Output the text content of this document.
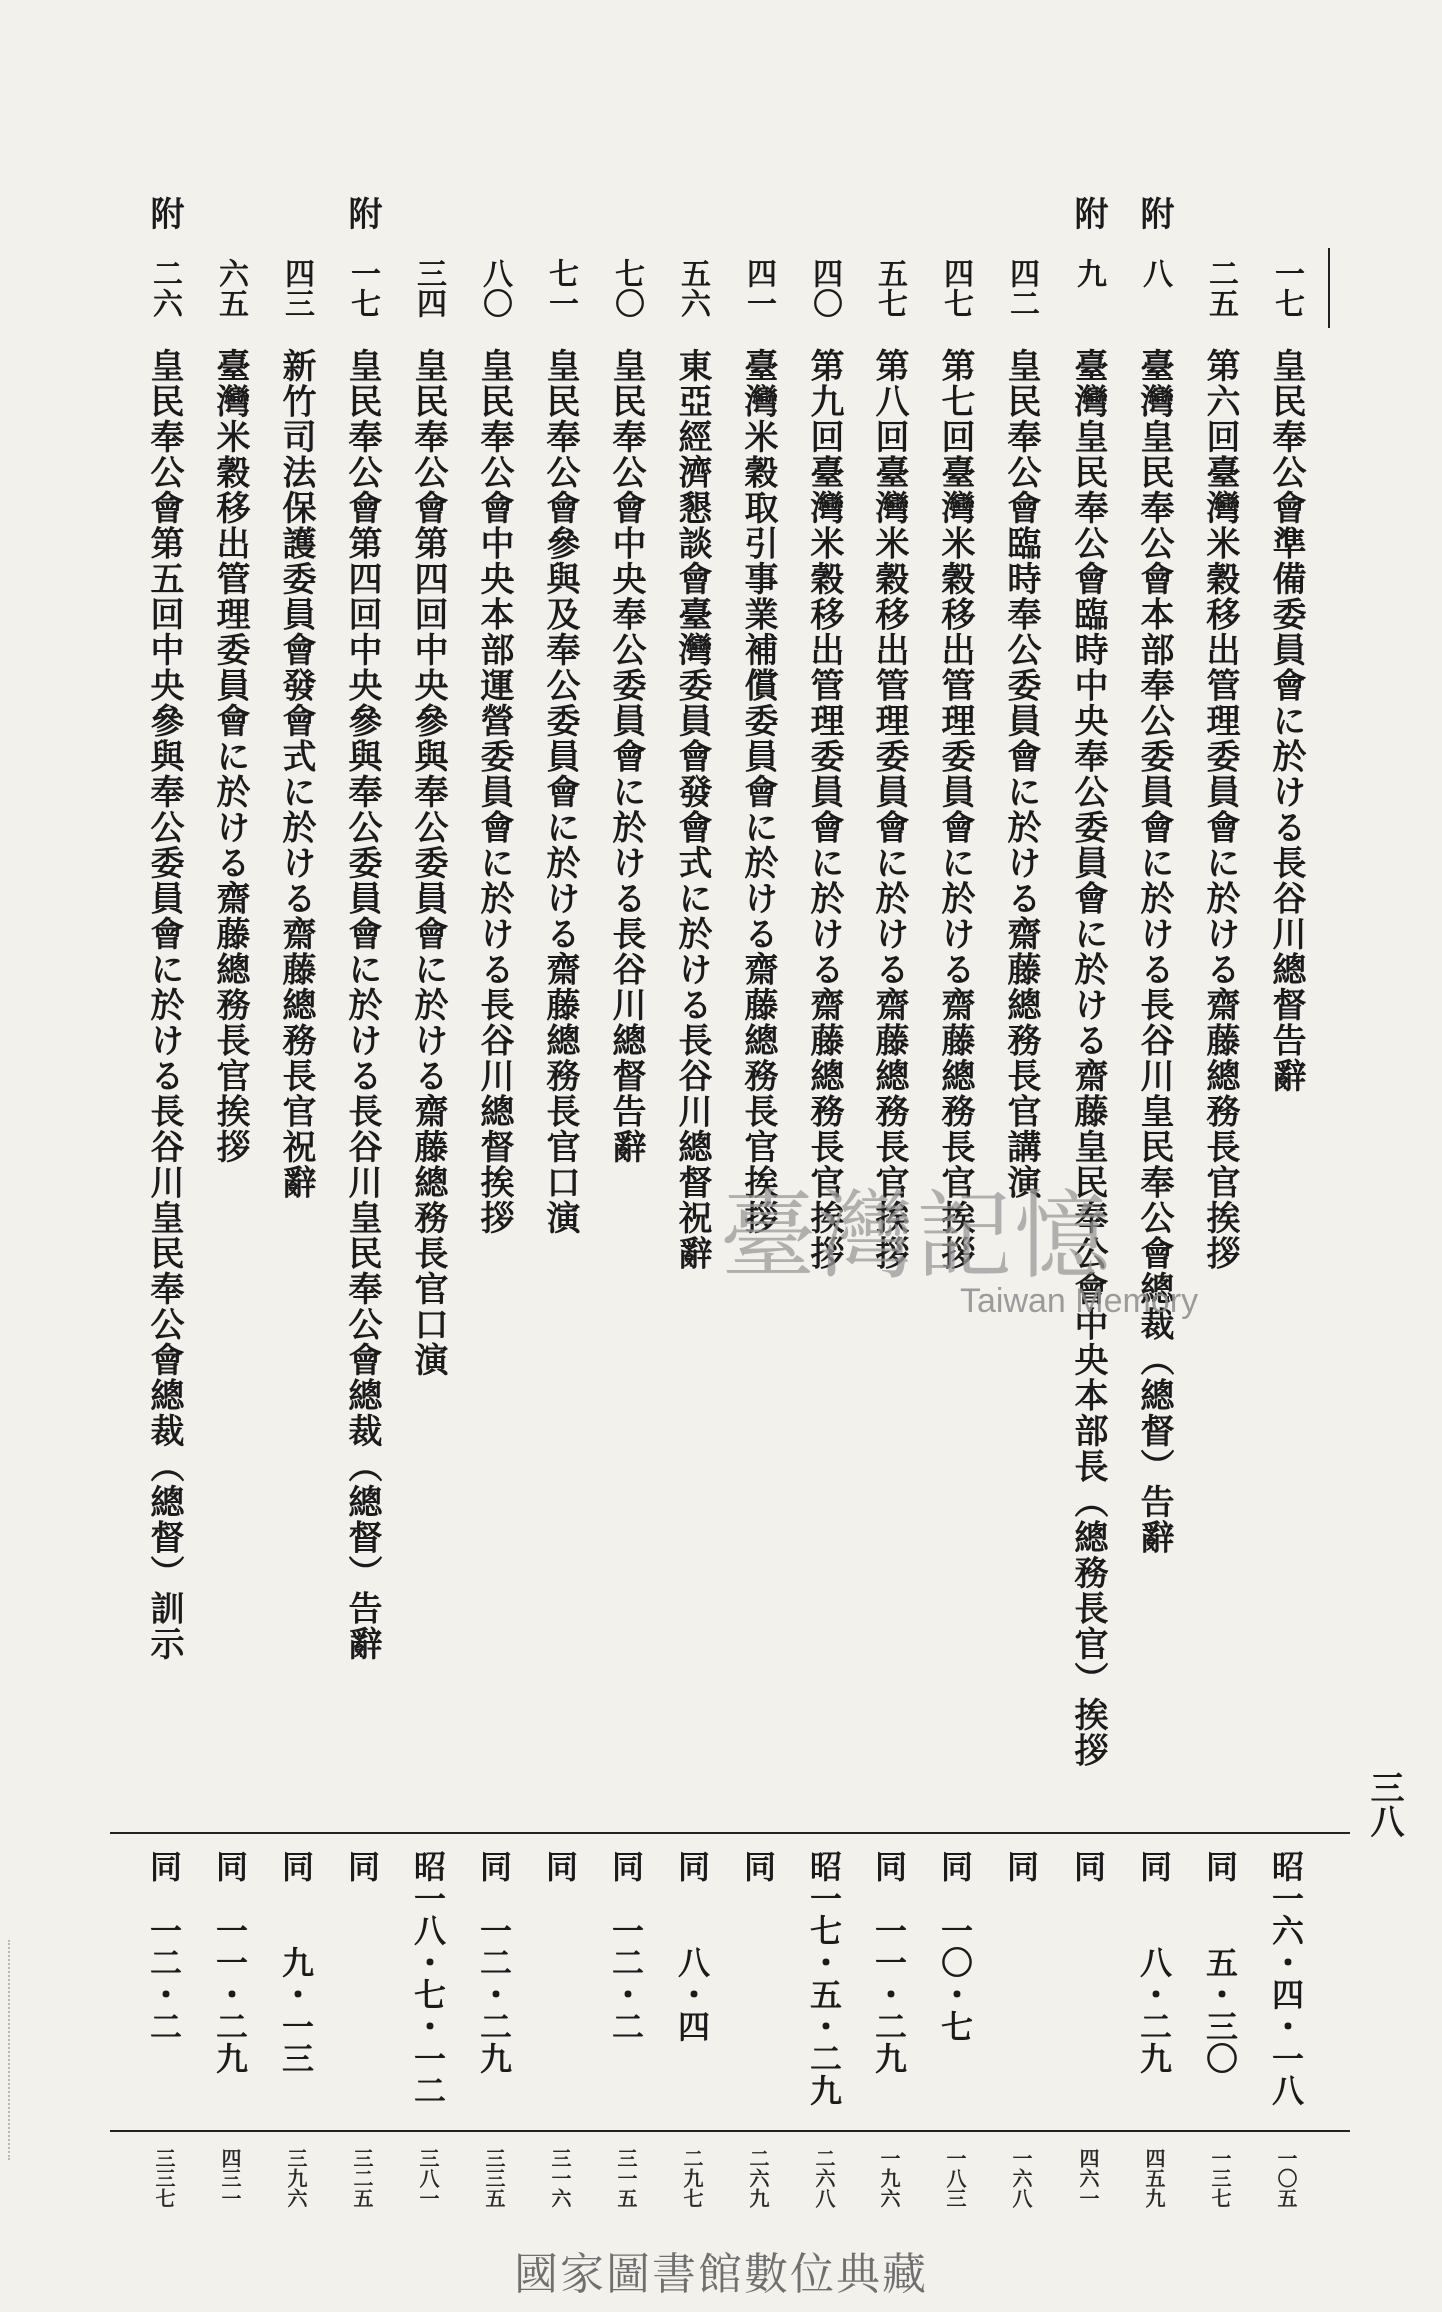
一七
皇民奉公會準備委員會に於ける長谷川總督告辭
昭一六・四・一八
一〇五
二五
第六回臺灣米穀移出管理委員會に於ける齋藤總務長官挨拶
同　　五・三〇
一三七
附
八
臺灣皇民奉公會本部奉公委員會に於ける長谷川皇民奉公會總裁（總督）告辭
同　　八・二九
四五九
附
九
臺灣皇民奉公會臨時中央奉公委員會に於ける齋藤皇民奉公會中央本部長（總務長官）挨拶
同
四六一
四二
皇民奉公會臨時奉公委員會に於ける齋藤總務長官講演
同
一六八
四七
第七回臺灣米穀移出管理委員會に於ける齋藤總務長官挨拶
同　一〇・七
一八三
五七
第八回臺灣米穀移出管理委員會に於ける齋藤總務長官挨拶
同　一一・二九
一九六
四〇
第九回臺灣米穀移出管理委員會に於ける齋藤總務長官挨拶
昭一七・五・二九
二六八
四一
臺灣米穀取引事業補償委員會に於ける齋藤總務長官挨拶
同
二六九
五六
東亞經濟懇談會臺灣委員會發會式に於ける長谷川總督祝辭
同　　八・四
二九七
七〇
皇民奉公會中央奉公委員會に於ける長谷川總督告辭
同　一二・二
三一五
七一
皇民奉公會參與及奉公委員會に於ける齋藤總務長官口演
同
三一六
八〇
皇民奉公會中央本部運營委員會に於ける長谷川總督挨拶
同　一二・二九
三三五
三四
皇民奉公會第四回中央參與奉公委員會に於ける齋藤總務長官口演
昭一八・七・一二
三八一
附
一七
皇民奉公會第四回中央參與奉公委員會に於ける長谷川皇民奉公會總裁（總督）告辭
同
三二五
四三
新竹司法保護委員會發會式に於ける齋藤總務長官祝辭
同　　九・一三
三九六
六五
臺灣米穀移出管理委員會に於ける齋藤總務長官挨拶
同　一一・二九
四三一
附
二六
皇民奉公會第五回中央參與奉公委員會に於ける長谷川皇民奉公會總裁（總督）訓示
同　一二・二
三三七
三八
臺灣記憶
Taiwan Memory
國家圖書館數位典藏
